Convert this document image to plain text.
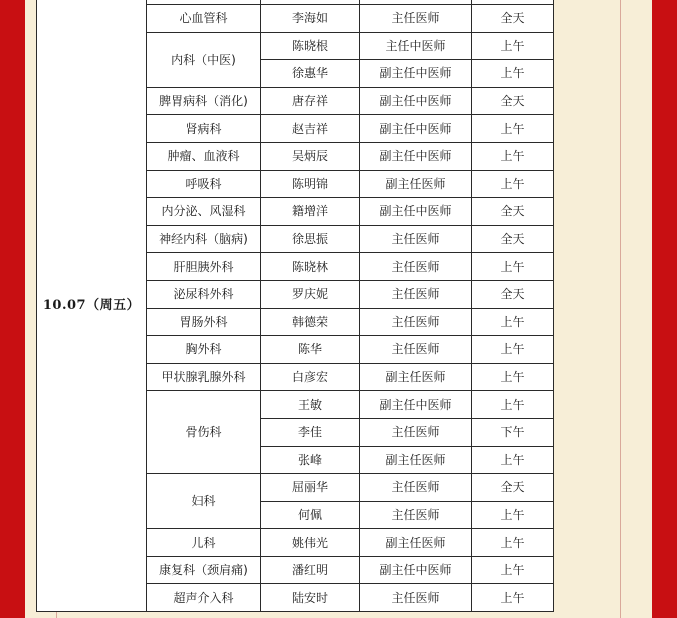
10.07（周五）				
	心血管科	李海如	主任医师	全天
	内科（中医)	陈晓根	主任中医师	上午
		徐惠华	副主任中医师	上午
	脾胃病科（消化)	唐存祥	副主任中医师	全天
	肾病科	赵吉祥	副主任中医师	上午
	肿瘤、血液科	吴炳辰	副主任中医师	上午
	呼吸科	陈明锦	副主任医师	上午
	内分泌、风湿科	籍增洋	副主任中医师	全天
	神经内科（脑病)	徐思振	主任医师	全天
	肝胆胰外科	陈晓林	主任医师	上午
	泌尿科外科	罗庆妮	主任医师	全天
	胃肠外科	韩德荣	主任医师	上午
	胸外科	陈华	主任医师	上午
	甲状腺乳腺外科	白彦宏	副主任医师	上午
	骨伤科	王敏	副主任中医师	上午
		李佳	主任医师	下午
		张峰	副主任医师	上午
	妇科	屈丽华	主任医师	全天
		何佩	主任医师	上午
	儿科	姚伟光	副主任医师	上午
	康复科（颈肩痛)	潘红明	副主任中医师	上午
	超声介入科	陆安时	主任医师	上午
